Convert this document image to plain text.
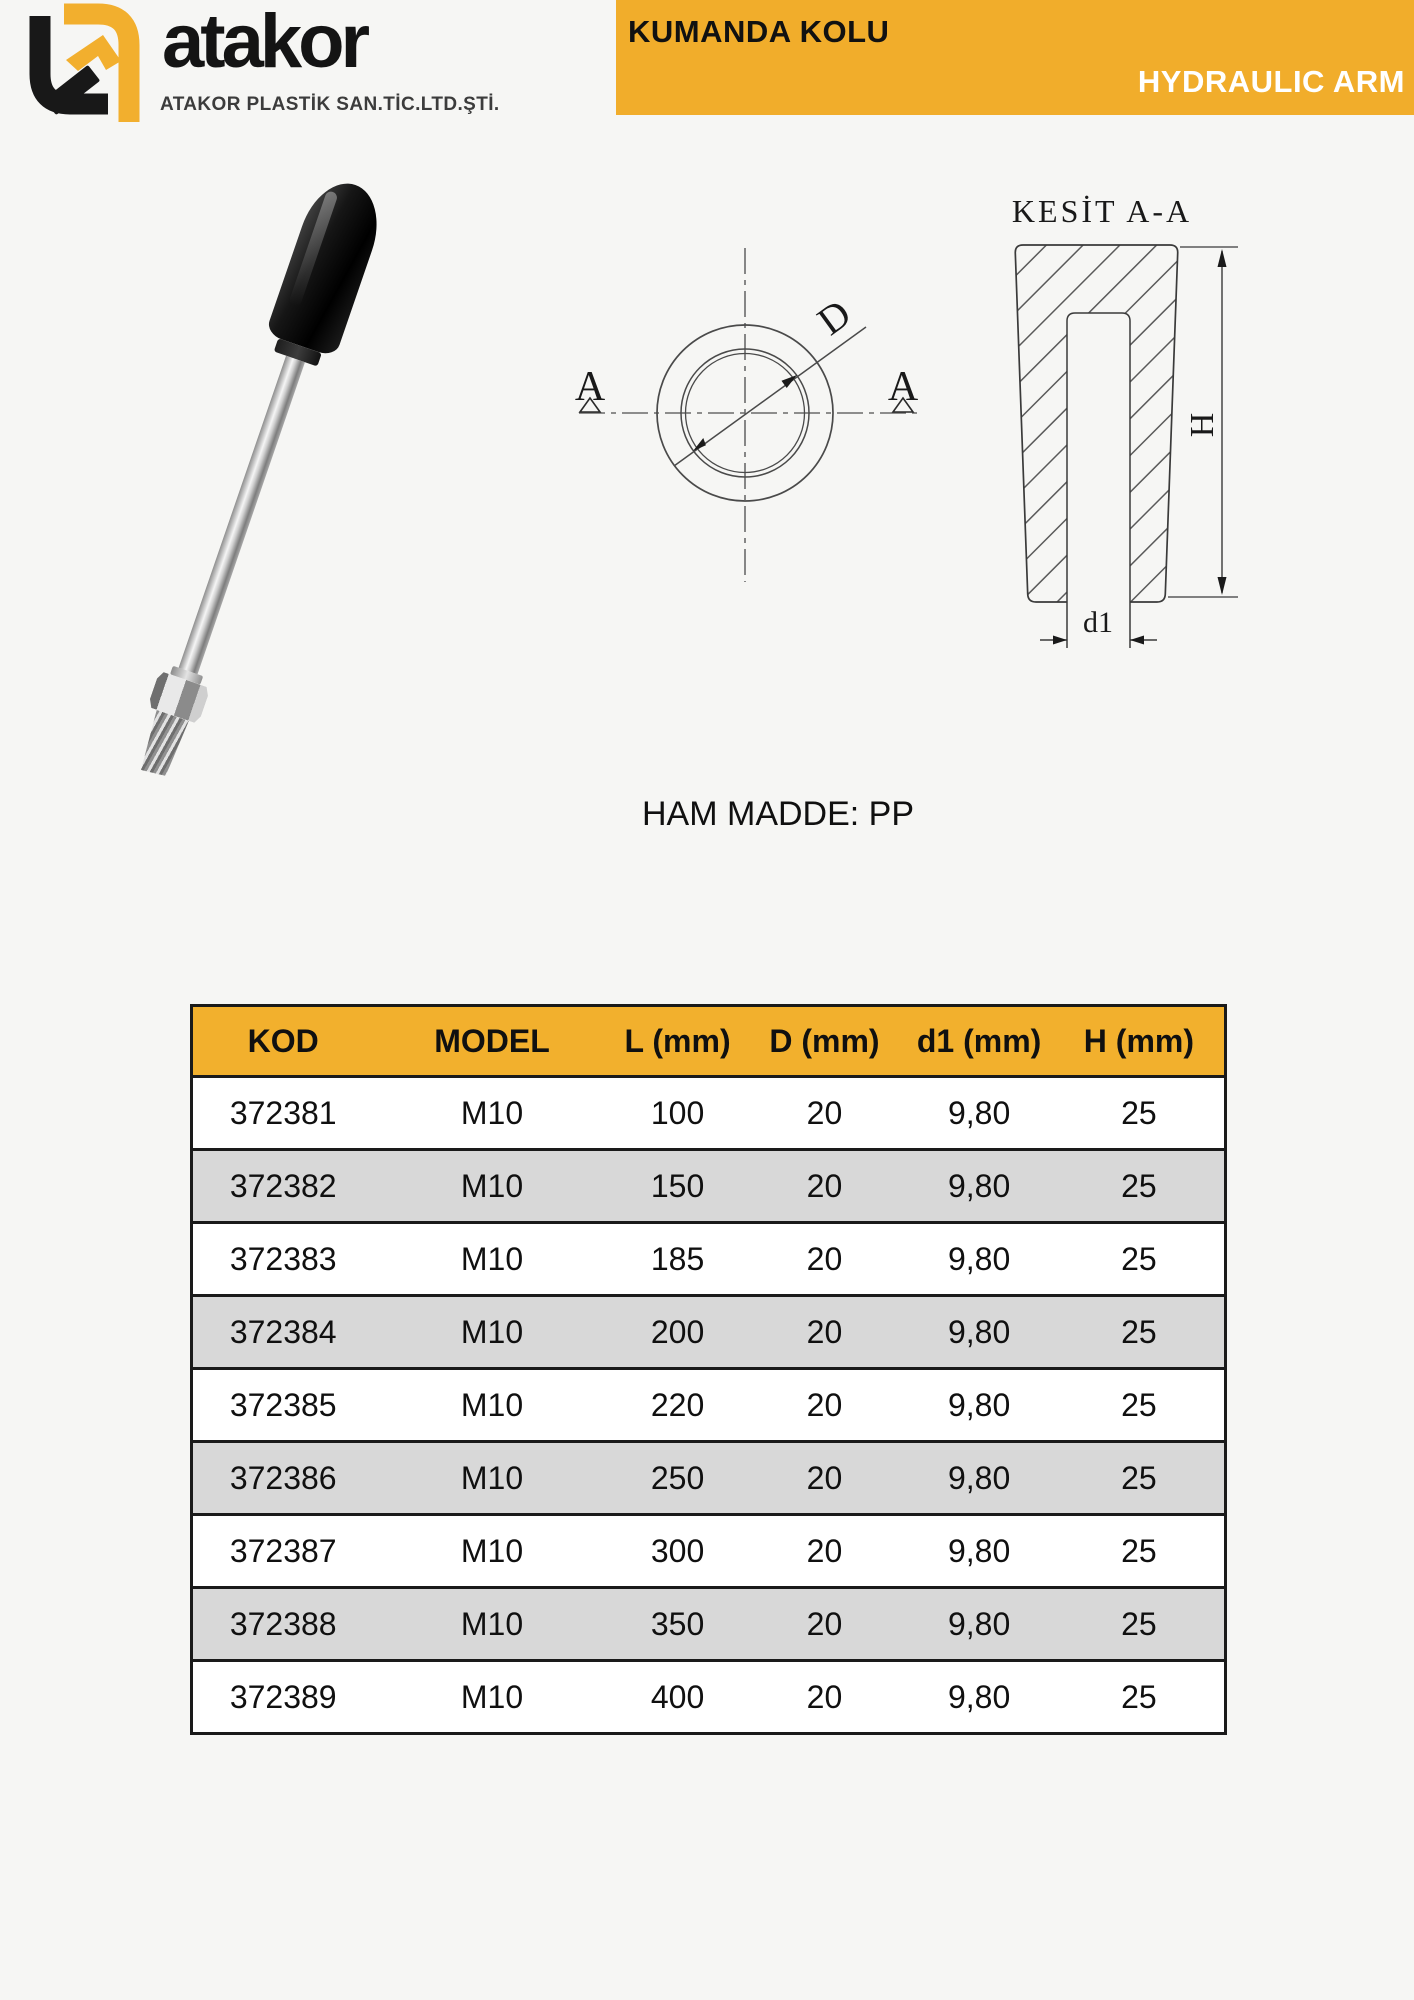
atakor
ATAKOR PLASTİK SAN.TİC.LTD.ŞTİ.
KUMANDA KOLU
HYDRAULIC ARM
D
A	A
KESİT A-A
H
d1
HAM MADDE: PP
KOD	MODEL	L (mm)	D (mm)	d1 (mm)	H (mm)
372381	M10	100	20	9,80	25
372382	M10	150	20	9,80	25
372383	M10	185	20	9,80	25
372384	M10	200	20	9,80	25
372385	M10	220	20	9,80	25
372386	M10	250	20	9,80	25
372387	M10	300	20	9,80	25
372388	M10	350	20	9,80	25
372389	M10	400	20	9,80	25
